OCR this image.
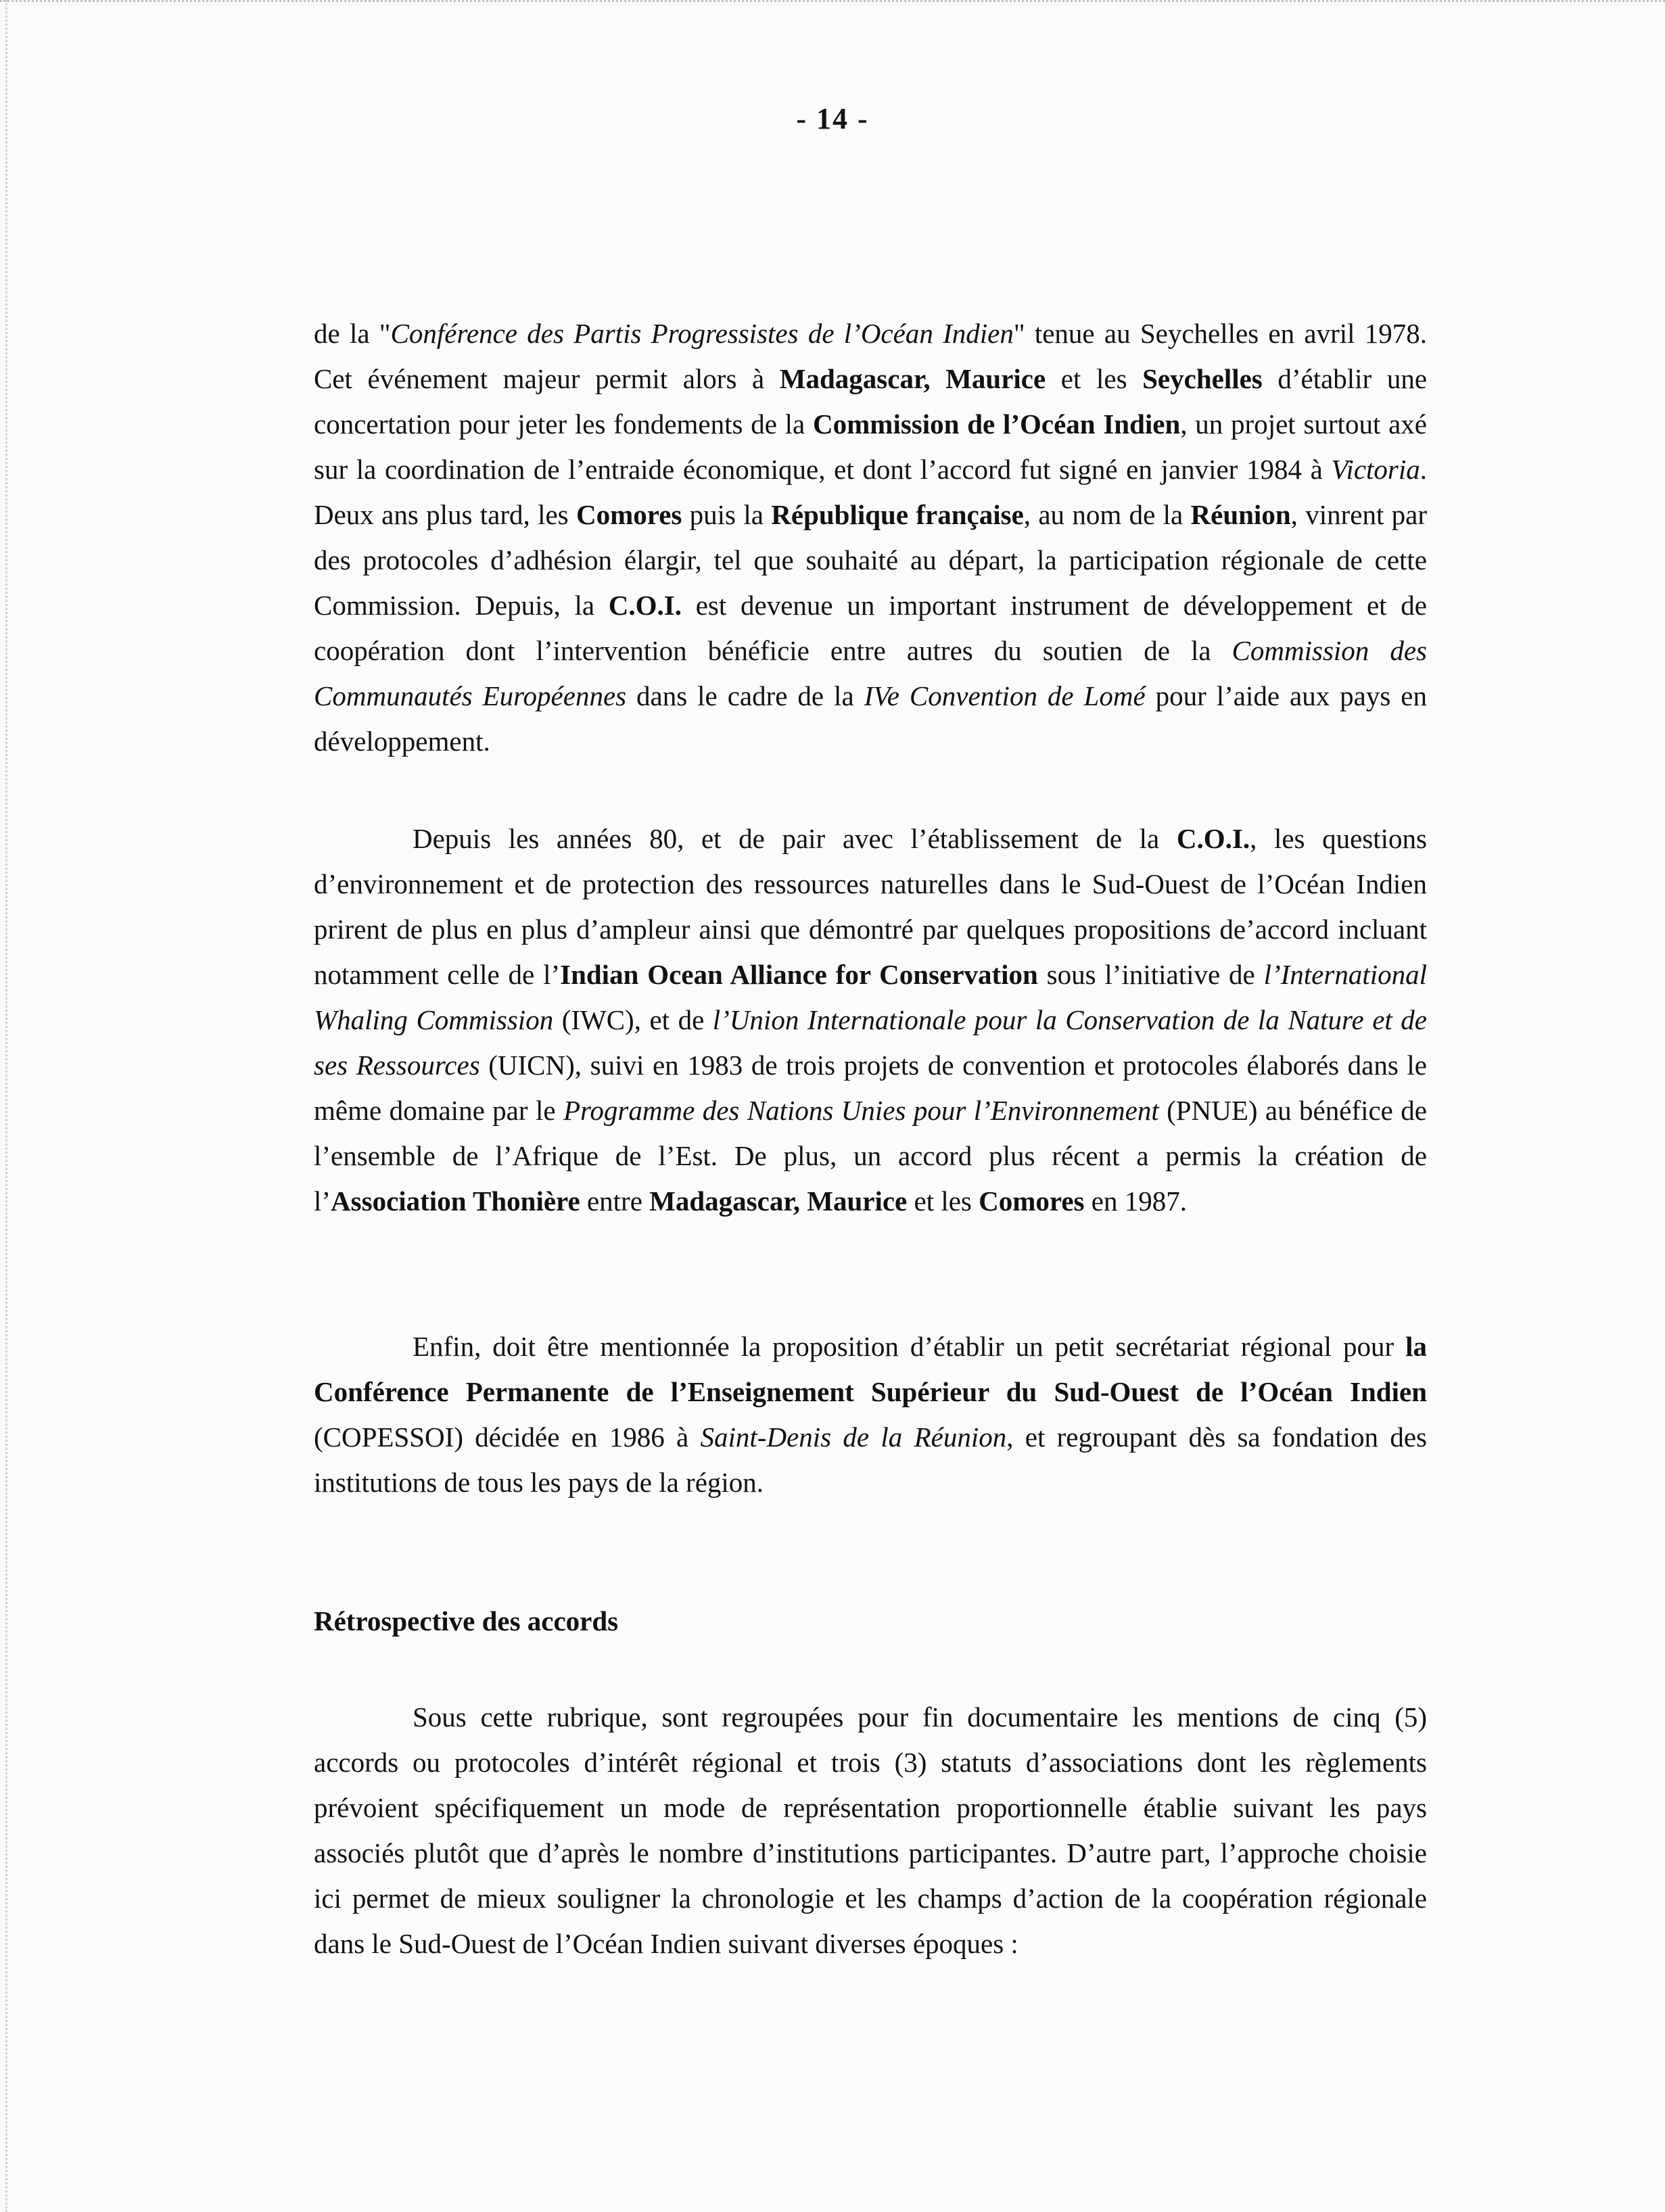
- 14 -

de la "Conférence des Partis Progressistes de l’Océan Indien" tenue au Seychelles en avril 1978. Cet événement majeur permit alors à Madagascar, Maurice et les Seychelles d’établir une concertation pour jeter les fondements de la Commission de l’Océan Indien, un projet surtout axé sur la coordination de l’entraide économique, et dont l’accord fut signé en janvier 1984 à Victoria. Deux ans plus tard, les Comores puis la République française, au nom de la Réunion, vinrent par des protocoles d’adhésion élargir, tel que souhaité au départ, la participation régionale de cette Commission. Depuis, la C.O.I. est devenue un important instrument de développement et de coopération dont l’intervention bénéficie entre autres du soutien de la Commission des Communautés Européennes dans le cadre de la IVe Convention de Lomé pour l’aide aux pays en développement.

Depuis les années 80, et de pair avec l’établissement de la C.O.I., les questions d’environnement et de protection des ressources naturelles dans le Sud-Ouest de l’Océan Indien prirent de plus en plus d’ampleur ainsi que démontré par quelques propositions de’accord incluant notamment celle de l’Indian Ocean Alliance for Conservation sous l’initiative de l’International Whaling Commission (IWC), et de l’Union Internationale pour la Conservation de la Nature et de ses Ressources (UICN), suivi en 1983 de trois projets de convention et protocoles élaborés dans le même domaine par le Programme des Nations Unies pour l’Environnement (PNUE) au bénéfice de l’ensemble de l’Afrique de l’Est. De plus, un accord plus récent a permis la création de l’Association Thonière entre Madagascar, Maurice et les Comores en 1987.

Enfin, doit être mentionnée la proposition d’établir un petit secrétariat régional pour la Conférence Permanente de l’Enseignement Supérieur du Sud-Ouest de l’Océan Indien (COPESSOI) décidée en 1986 à Saint-Denis de la Réunion, et regroupant dès sa fondation des institutions de tous les pays de la région.

Rétrospective des accords

Sous cette rubrique, sont regroupées pour fin documentaire les mentions de cinq (5) accords ou protocoles d’intérêt régional et trois (3) statuts d’associations dont les règlements prévoient spécifiquement un mode de représentation proportionnelle établie suivant les pays associés plutôt que d’après le nombre d’institutions participantes. D’autre part, l’approche choisie ici permet de mieux souligner la chronologie et les champs d’action de la coopération régionale dans le Sud-Ouest de l’Océan Indien suivant diverses époques :
